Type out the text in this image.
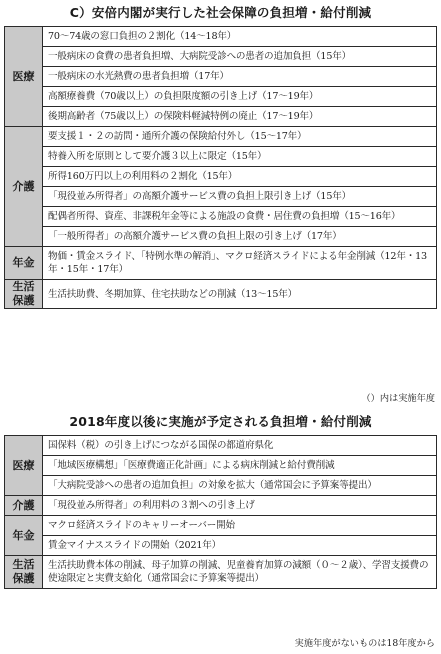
C）安倍内閣が実行した社会保障の負担増・給付削減
医療	70～74歳の窓口負担の２割化（14～18年）
	一般病床の食費の患者負担増、大病院受診への患者の追加負担（15年）
	一般病床の水光熱費の患者負担増（17年）
	高額療養費（70歳以上）の負担限度額の引き上げ（17～19年）
	後期高齢者（75歳以上）の保険料軽減特例の廃止（17～19年）
介護	要支援１・２の訪問・通所介護の保険給付外し（15～17年）
	特養入所を原則として要介護３以上に限定（15年）
	所得160万円以上の利用料の２割化（15年）
	「現役並み所得者」の高額介護サービス費の負担上限引き上げ（15年）
	配偶者所得、資産、非課税年金等による施設の食費・居住費の負担増（15～16年）
	「一般所得者」の高額介護サービス費の負担上限の引き上げ（17年）
年金	物価・賃金スライド、「特例水準の解消」、マクロ経済スライドによる年金削減（12年・13年・15年・17年）
生活
保護	生活扶助費、冬期加算、住宅扶助などの削減（13～15年）
（）内は実施年度
2018年度以後に実施が予定される負担増・給付削減
医療	国保料（税）の引き上げにつながる国保の都道府県化
	「地域医療構想」「医療費適正化計画」による病床削減と給付費削減
	「大病院受診への患者の追加負担」の対象を拡大（通常国会に予算案等提出）
介護	「現役並み所得者」の利用料の３割への引き上げ
年金	マクロ経済スライドのキャリーオーバー開始
	賃金マイナススライドの開始（2021年）
生活
保護	生活扶助費本体の削減、母子加算の削減、児童養育加算の減額（０～２歳）、学習支援費の使途限定と実費支給化（通常国会に予算案等提出）
実施年度がないものは18年度から
